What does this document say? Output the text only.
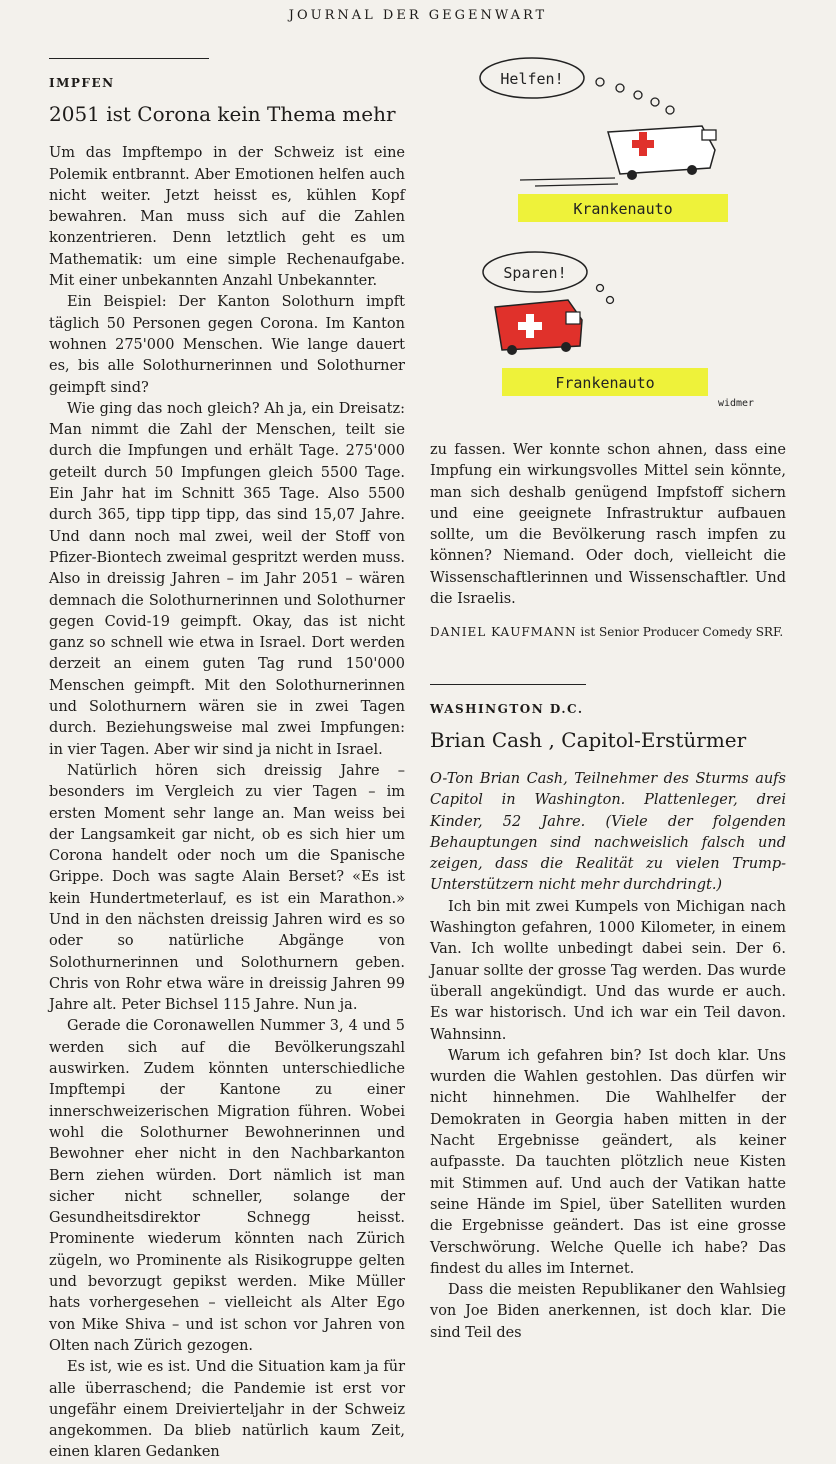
JOURNAL DER GEGENWART
IMPFEN
2051 ist Corona kein Thema mehr

Um das Impftempo in der Schweiz ist eine Polemik entbrannt. Aber Emotionen helfen auch nicht weiter. Jetzt heisst es, kühlen Kopf bewahren. Man muss sich auf die Zahlen konzentrieren. Denn letztlich geht es um Mathematik: um eine simple Rechenaufgabe. Mit einer unbekannten Anzahl Unbekannter.

Ein Beispiel: Der Kanton Solothurn impft täglich 50 Personen gegen Corona. Im Kanton wohnen 275'000 Menschen. Wie lange dauert es, bis alle Solothurnerinnen und Solothurner geimpft sind?

Wie ging das noch gleich? Ah ja, ein Dreisatz: Man nimmt die Zahl der Menschen, teilt sie durch die Impfungen und erhält Tage. 275'000 geteilt durch 50 Impfungen gleich 5500 Tage. Ein Jahr hat im Schnitt 365 Tage. Also 5500 durch 365, tipp tipp tipp, das sind 15,07 Jahre. Und dann noch mal zwei, weil der Stoff von Pfizer-Biontech zweimal gespritzt werden muss. Also in dreissig Jahren – im Jahr 2051 – wären demnach die Solothurnerinnen und Solothurner gegen Covid-19 geimpft. Okay, das ist nicht ganz so schnell wie etwa in Israel. Dort werden derzeit an einem guten Tag rund 150'000 Menschen geimpft. Mit den Solothurnerinnen und Solothurnern wären sie in zwei Tagen durch. Beziehungsweise mal zwei Impfungen: in vier Tagen. Aber wir sind ja nicht in Israel.

Natürlich hören sich dreissig Jahre – besonders im Vergleich zu vier Tagen – im ersten Moment sehr lange an. Man weiss bei der Langsamkeit gar nicht, ob es sich hier um Corona handelt oder noch um die Spanische Grippe. Doch was sagte Alain Berset? «Es ist kein Hundertmeterlauf, es ist ein Marathon.» Und in den nächsten dreissig Jahren wird es so oder so natürliche Abgänge von Solothurnerinnen und Solothurnern geben. Chris von Rohr etwa wäre in dreissig Jahren 99 Jahre alt. Peter Bichsel 115 Jahre. Nun ja.

Gerade die Coronawellen Nummer 3, 4 und 5 werden sich auf die Bevölkerungszahl auswirken. Zudem könnten unterschiedliche Impftempi der Kantone zu einer innerschweizerischen Migration führen. Wobei wohl die Solothurner Bewohnerinnen und Bewohner eher nicht in den Nachbarkanton Bern ziehen würden. Dort nämlich ist man sicher nicht schneller, solange der Gesundheitsdirektor Schnegg heisst. Prominente wiederum könnten nach Zürich zügeln, wo Prominente als Risikogruppe gelten und bevorzugt gepikst werden. Mike Müller hats vorhergesehen – vielleicht als Alter Ego von Mike Shiva – und ist schon vor Jahren von Olten nach Zürich gezogen.

Es ist, wie es ist. Und die Situation kam ja für alle überraschend; die Pandemie ist erst vor ungefähr einem Dreivierteljahr in der Schweiz angekommen. Da blieb natürlich kaum Zeit, einen klaren Gedanken

Helfen!
Krankenauto
Sparen!
Frankenauto
widmer

zu fassen. Wer konnte schon ahnen, dass eine Impfung ein wirkungsvolles Mittel sein könnte, man sich deshalb genügend Impfstoff sichern und eine geeignete Infrastruktur aufbauen sollte, um die Bevölkerung rasch impfen zu können? Niemand. Oder doch, vielleicht die Wissenschaftlerinnen und Wissenschaftler. Und die Israelis.

DANIEL KAUFMANN ist Senior Producer Comedy SRF.
WASHINGTON D.C.
Brian Cash , Capitol-Erstürmer

O-Ton Brian Cash, Teilnehmer des Sturms aufs Capitol in Washington. Plattenleger, drei Kinder, 52 Jahre. (Viele der folgenden Behauptungen sind nachweislich falsch und zeigen, dass die Realität zu vielen Trump-Unterstützern nicht mehr durchdringt.)

Ich bin mit zwei Kumpels von Michigan nach Washington gefahren, 1000 Kilometer, in einem Van. Ich wollte unbedingt dabei sein. Der 6. Januar sollte der grosse Tag werden. Das wurde überall angekündigt. Und das wurde er auch. Es war historisch. Und ich war ein Teil davon. Wahnsinn.

Warum ich gefahren bin? Ist doch klar. Uns wurden die Wahlen gestohlen. Das dürfen wir nicht hinnehmen. Die Wahlhelfer der Demokraten in Georgia haben mitten in der Nacht Ergebnisse geändert, als keiner aufpasste. Da tauchten plötzlich neue Kisten mit Stimmen auf. Und auch der Vatikan hatte seine Hände im Spiel, über Satelliten wurden die Ergebnisse geändert. Das ist eine grosse Verschwörung. Welche Quelle ich habe? Das findest du alles im Internet.

Dass die meisten Republikaner den Wahlsieg von Joe Biden anerkennen, ist doch klar. Die sind Teil des
